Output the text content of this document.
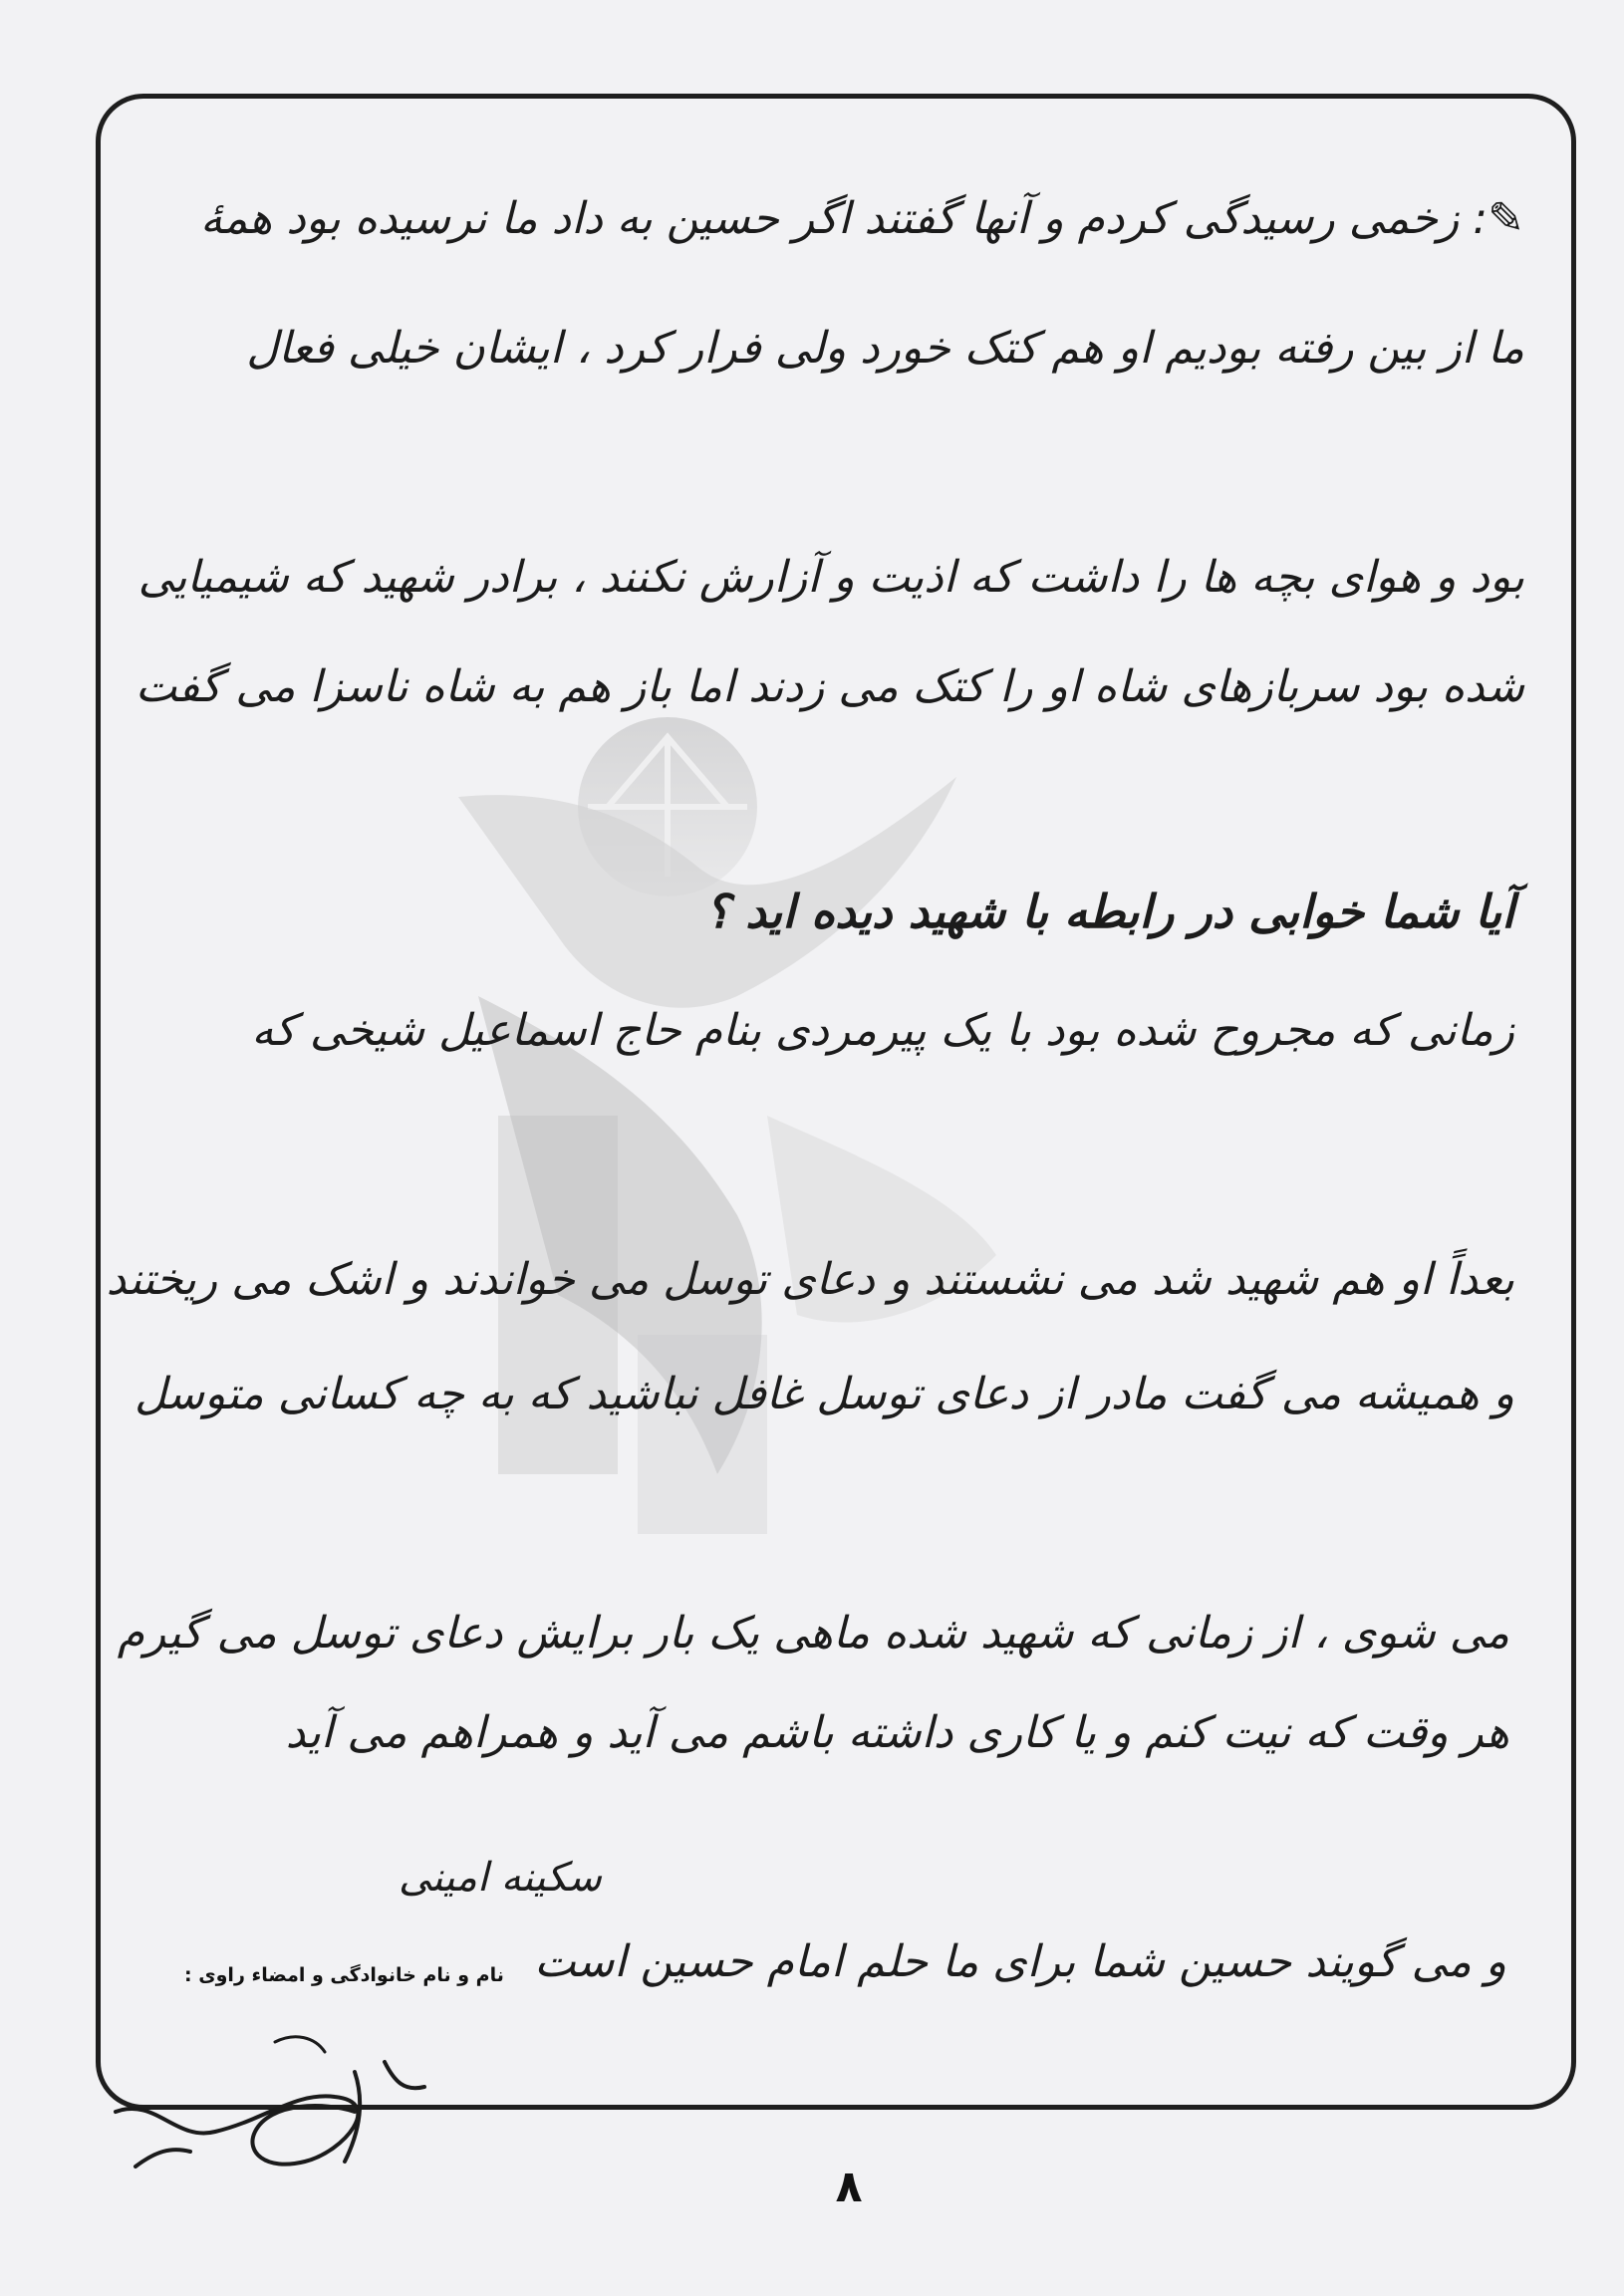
✎: زخمی رسیدگی کردم و آنها گفتند اگر حسین به داد ما نرسیده بود همهٔ
ما از بین رفته بودیم او هم کتک خورد ولی فرار کرد ، ایشان خیلی فعال
بود و هوای بچه ها را داشت که اذیت و آزارش نکنند ، برادر شهید که شیمیایی
شده بود سربازهای شاه او را کتک می زدند اما باز هم به شاه ناسزا می گفت
آیا شما خوابی در رابطه با شهید دیده اید ؟
زمانی که مجروح شده بود با یک پیرمردی بنام حاج اسماعیل شیخی که
بعداً او هم شهید شد می نشستند و دعای توسل می خواندند و اشک می ریختند
و همیشه می گفت مادر از دعای توسل غافل نباشید که به چه کسانی متوسل
می شوی ، از زمانی که شهید شده ماهی یک بار برایش دعای توسل می گیرم
هر وقت که نیت کنم و یا کاری داشته باشم می آید و همراهم می آید
و می گویند حسین شما برای ما حلم امام حسین است
سکینه امینی
نام و نام خانوادگی و امضاء راوی :
۸
